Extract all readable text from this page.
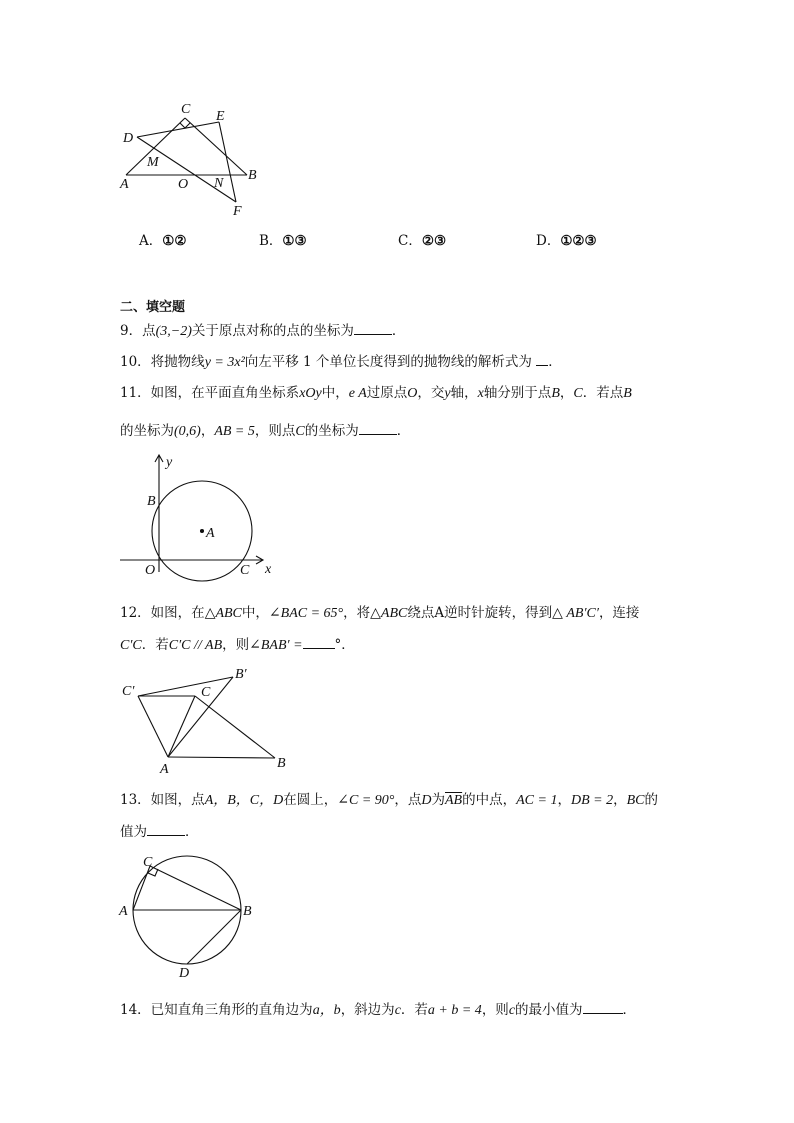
C E
D
M
A	O N
B
F
A．①②	B．①③	C．②③	D．①②③
二、填空题
9．点(3,−2)关于原点对称的点的坐标为	．
10．将抛物线y = 3x²向左平移 1 个单位长度得到的抛物线的解析式为 ．
11．如图，在平面直角坐标系xOy中，e A过原点O，交y轴，x轴分别于点B，C．若点B
的坐标为(0,6)，AB = 5，则点C的坐标为	．
y
B
A
O	C x
12．如图，在△ABC中，∠BAC = 65°，将△ABC绕点A逆时针旋转，得到△ AB′C′，连接
C′C．若C′C // AB，则∠BAB′ = °．
C′	C
B′
A	B
13．如图，点A，B，C，D在圆上，∠C = 90°，点D为$\overline{AB}$的中点，AC = 1，DB = 2，BC的
值为	．
C
A	B
D
14．已知直角三角形的直角边为a，b，斜边为c．若a + b = 4，则c的最小值为	．
